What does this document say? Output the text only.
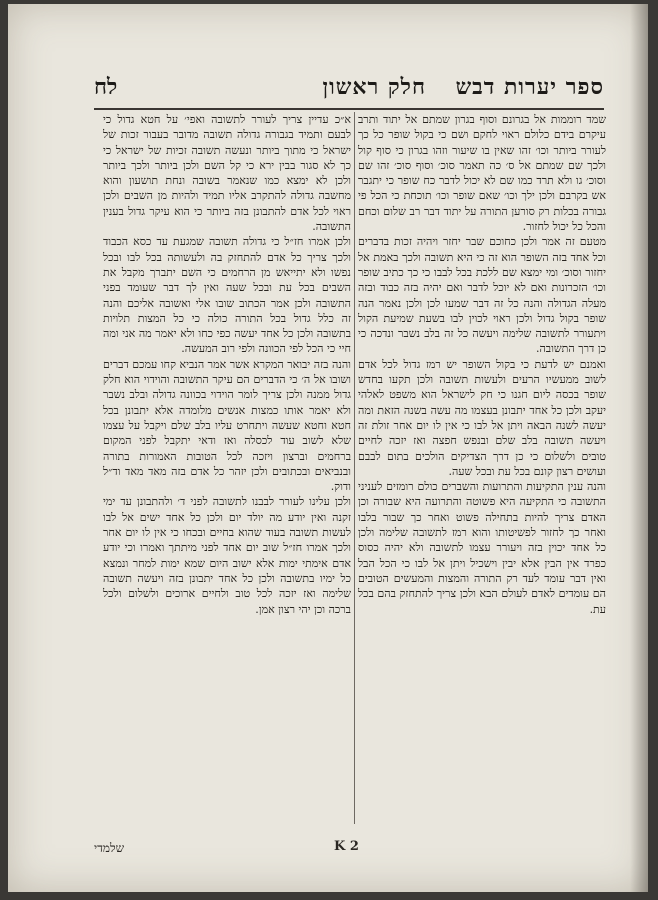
ספר יערות דבש
חלק ראשון
לח

שמד רוממות אל בגרונם וסוף בגרון שמתם אל יתוד ותרב עיקרם בידם כלולם ראוי לחקם ושם כי בקול שופר כל כך לעורר ביותר וכו׳ זהו שאין בו שיעור וזהו בגרון כי סוף קול ולכך שם שמתם אל ס׳ כה תאמר סוכ׳ וסוף סוכ׳ זהו שם וסוכ׳ גו ולא תרד כמו שם לא יכול לדבר כח שופר כי יתגבר אש בקרבם ולכן ילך וכו׳ שאם שופר וכו׳ תוכחת כי הכל פי גבורה בכלות רק סורען התורה על יתוד דבר רב שלום וכחם והכל כל יכול לחזור.

מטעם זה אמר ולכן כחוכם שבר יחזר ויהיה זכות בדברים וכל אחד בזה השופר הוא זה כי היא תשובה ולכך באמת אל יחזור וסוכ׳ ומי ימצא שם ללכת בכל לבבו כי כך כתיב שופר וכו׳ הזכרונות ואם לא יוכל לדבר ואם יהיה בזה כבוד ובזה מעלה הגדולה והנה כל זה דבר שמעו לכן ולכן נאמר הנה שופר בקול גדול ולכן ראוי לכוין לבו בשעת שמיעת הקול ויתעורר לתשובה שלימה ויעשה כל זה בלב נשבר ונדכה כי כן דרך התשובה.

ואמנם יש לדעת כי בקול השופר יש רמז גדול לכל אדם לשוב ממעשיו הרעים ולעשות תשובה ולכן תקעו בחדש שופר בכסה ליום חגנו כי חק לישראל הוא משפט לאלהי יעקב ולכן כל אחד יתבונן בעצמו מה עשה בשנה הזאת ומה יעשה לשנה הבאה ויתן אל לבו כי אין לו יום אחר זולת זה ויעשה תשובה בלב שלם ובנפש חפצה ואז יזכה לחיים טובים ולשלום כי כן דרך הצדיקים הולכים בתום לבבם ועושים רצון קונם בכל עת ובכל שעה.

והנה ענין התקיעות והתרועות והשברים כולם רומזים לעניני התשובה כי התקיעה היא פשוטה והתרועה היא שבורה וכן האדם צריך להיות בתחילה פשוט ואחר כך שבור בלבו ואחר כך לחזור לפשיטותו והוא רמז לתשובה שלימה ולכן כל אחד יכוין בזה ויעורר עצמו לתשובה ולא יהיה כסוס כפרד אין הבין אלא יבין וישכיל ויתן אל לבו כי הכל הבל ואין דבר עומד לעד רק התורה והמצות והמעשים הטובים הם עומדים לאדם לעולם הבא ולכן צריך להתחזק בהם בכל עת.

א״כ עדיין צריך לעורר לתשובה ואפי׳ על חטא גדול כי לבעם ותמיד בגבורה גדולה תשובה מדובר בעבור זכות של ישראל כי מתוך ביותר ונעשה תשובה זכיות של ישראל כי כך לא סגור בבין ירא כי קל השם ולכן ביותר ולכך ביותר ולכן לא ימצא כמו שנאמר בשובה ונחת תושעון והוא מחשבה גדולה להתקרב אליו תמיד ולהיות מן השבים ולכן ראוי לכל אדם להתבונן בזה ביותר כי הוא עיקר גדול בענין התשובה.

ולכן אמרו חז״ל כי גדולה תשובה שמגעת עד כסא הכבוד ולכך צריך כל אדם להתחזק בה ולעשותה בכל לבו ובכל נפשו ולא יתייאש מן הרחמים כי השם יתברך מקבל את השבים בכל עת ובכל שעה ואין לך דבר שעומד בפני התשובה ולכן אמר הכתוב שובו אלי ואשובה אליכם והנה זה כלל גדול בכל התורה כולה כי כל המצות תלויות בתשובה ולכן כל אחד יעשה כפי כחו ולא יאמר מה אני ומה חיי כי הכל לפי הכוונה ולפי רוב המעשה.

והנה בזה יבואר המקרא אשר אמר הנביא קחו עמכם דברים ושובו אל ה׳ כי הדברים הם עיקר התשובה והוידוי הוא חלק גדול ממנה ולכן צריך לומר הוידוי בכוונה גדולה ובלב נשבר ולא יאמר אותו כמצות אנשים מלומדה אלא יתבונן בכל חטא וחטא שעשה ויתחרט עליו בלב שלם ויקבל על עצמו שלא לשוב עוד לכסלה ואז ודאי יתקבל לפני המקום ברחמים וברצון ויזכה לכל הטובות האמורות בתורה ובנביאים ובכתובים ולכן יזהר כל אדם בזה מאד מאד וד״ל ודוק.

ולכן עלינו לעורר לבבנו לתשובה לפני ד׳ ולהתבונן עד ימי זקנה ואין יודע מה יולד יום ולכן כל אחד ישים אל לבו לעשות תשובה בעוד שהוא בחיים ובכחו כי אין לו יום אחר ולכך אמרו חז״ל שוב יום אחד לפני מיתתך ואמרו וכי יודע אדם אימתי ימות אלא ישוב היום שמא ימות למחר ונמצא כל ימיו בתשובה ולכן כל אחד יתבונן בזה ויעשה תשובה שלימה ואז יזכה לכל טוב ולחיים ארוכים ולשלום ולכל ברכה וכן יהי רצון אמן.

K 2
שלמדי
